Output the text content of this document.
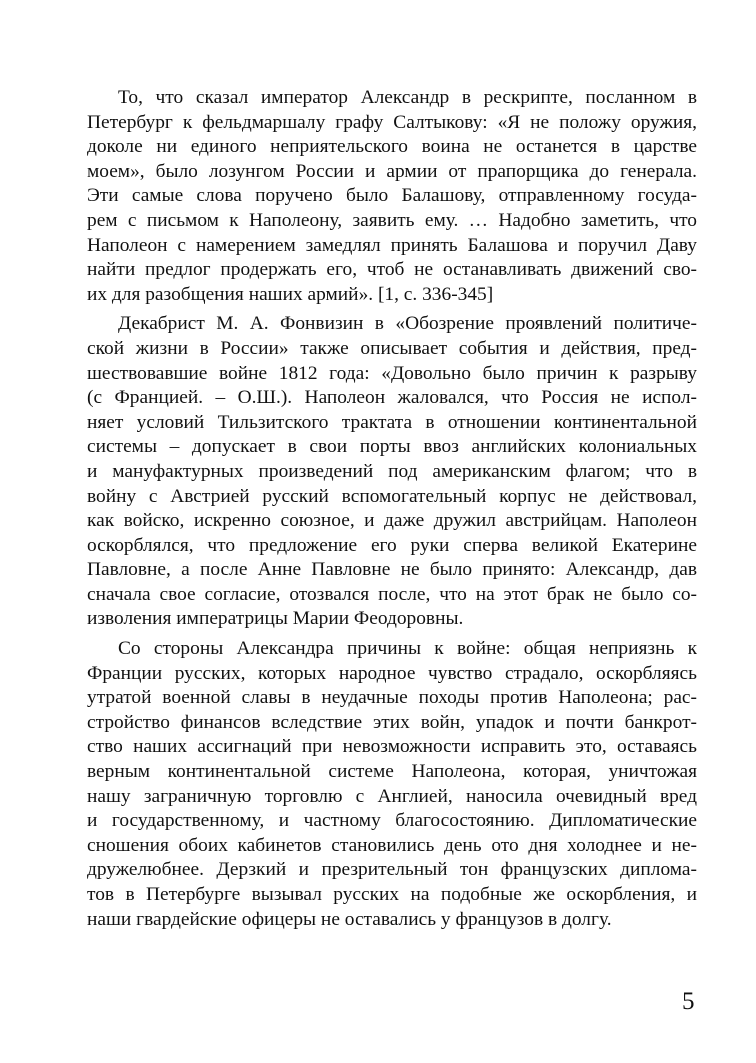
То, что сказал император Александр в рескрипте, посланном в
Петербург к фельдмаршалу графу Салтыкову: «Я не положу оружия,
доколе ни единого неприятельского воина не останется в царстве
моем», было лозунгом России и армии от прапорщика до генерала.
Эти самые слова поручено было Балашову, отправленному госуда-
рем с письмом к Наполеону, заявить ему. … Надобно заметить, что
Наполеон с намерением замедлял принять Балашова и поручил Даву
найти предлог продержать его, чтоб не останавливать движений сво-
их для разобщения наших армий». [1, с. 336-345]
Декабрист М. А. Фонвизин в «Обозрение проявлений политиче-
ской жизни в России» также описывает события и действия, пред-
шествовавшие войне 1812 года: «Довольно было причин к разрыву
(с Францией. – О.Ш.). Наполеон жаловался, что Россия не испол-
няет условий Тильзитского трактата в отношении континентальной
системы – допускает в свои порты ввоз английских колониальных
и мануфактурных произведений под американским флагом; что в
войну с Австрией русский вспомогательный корпус не действовал,
как войско, искренно союзное, и даже дружил австрийцам. Наполеон
оскорблялся, что предложение его руки сперва великой Екатерине
Павловне, а после Анне Павловне не было принято: Александр, дав
сначала свое согласие, отозвался после, что на этот брак не было со-
изволения императрицы Марии Феодоровны.
Со стороны Александра причины к войне: общая неприязнь к
Франции русских, которых народное чувство страдало, оскорбляясь
утратой военной славы в неудачные походы против Наполеона; рас-
стройство финансов вследствие этих войн, упадок и почти банкрот-
ство наших ассигнаций при невозможности исправить это, оставаясь
верным континентальной системе Наполеона, которая, уничтожая
нашу заграничную торговлю с Англией, наносила очевидный вред
и государственному, и частному благосостоянию. Дипломатические
сношения обоих кабинетов становились день ото дня холоднее и не-
дружелюбнее. Дерзкий и презрительный тон французских диплома-
тов в Петербурге вызывал русских на подобные же оскорбления, и
наши гвардейские офицеры не оставались у французов в долгу.
5
